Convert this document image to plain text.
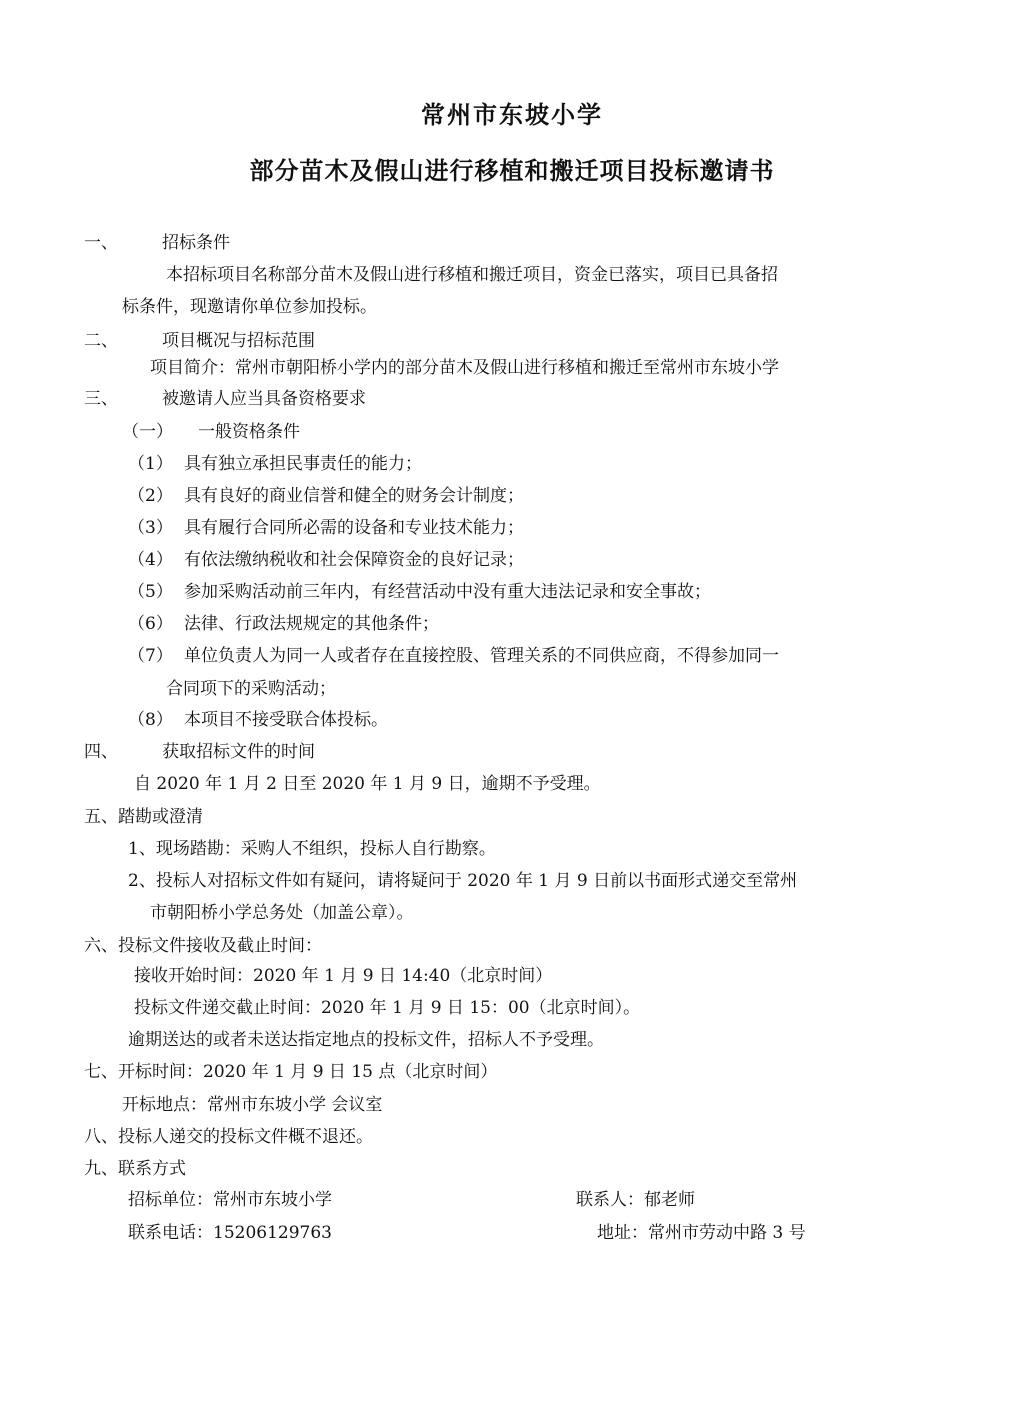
常州市东坡小学
部分苗木及假山进行移植和搬迁项目投标邀请书
一、	招标条件
本招标项目名称部分苗木及假山进行移植和搬迁项目，资金已落实，项目已具备招
标条件，现邀请你单位参加投标。
二、	项目概况与招标范围
项目简介：常州市朝阳桥小学内的部分苗木及假山进行移植和搬迁至常州市东坡小学
三、	被邀请人应当具备资格要求
（一） 一般资格条件
（1） 具有独立承担民事责任的能力；
（2） 具有良好的商业信誉和健全的财务会计制度；
（3） 具有履行合同所必需的设备和专业技术能力；
（4） 有依法缴纳税收和社会保障资金的良好记录；
（5） 参加采购活动前三年内，有经营活动中没有重大违法记录和安全事故；
（6） 法律、行政法规规定的其他条件；
（7） 单位负责人为同一人或者存在直接控股、管理关系的不同供应商，不得参加同一
合同项下的采购活动；
（8） 本项目不接受联合体投标。
四、	获取招标文件的时间
自 2020 年 1 月 2 日至 2020 年 1 月 9 日，逾期不予受理。
五、踏勘或澄清
1、现场踏勘：采购人不组织，投标人自行勘察。
2、投标人对招标文件如有疑问，请将疑问于 2020 年 1 月 9 日前以书面形式递交至常州
市朝阳桥小学总务处（加盖公章）。
六、投标文件接收及截止时间：
接收开始时间：2020 年 1 月 9 日 14:40（北京时间）
投标文件递交截止时间：2020 年 1 月 9 日 15：00（北京时间）。
逾期送达的或者未送达指定地点的投标文件，招标人不予受理。
七、开标时间：2020 年 1 月 9 日 15 点（北京时间）
开标地点：常州市东坡小学 会议室
八、投标人递交的投标文件概不退还。
九、联系方式
招标单位：常州市东坡小学	联系人：郁老师
联系电话：15206129763	地址：常州市劳动中路 3 号
